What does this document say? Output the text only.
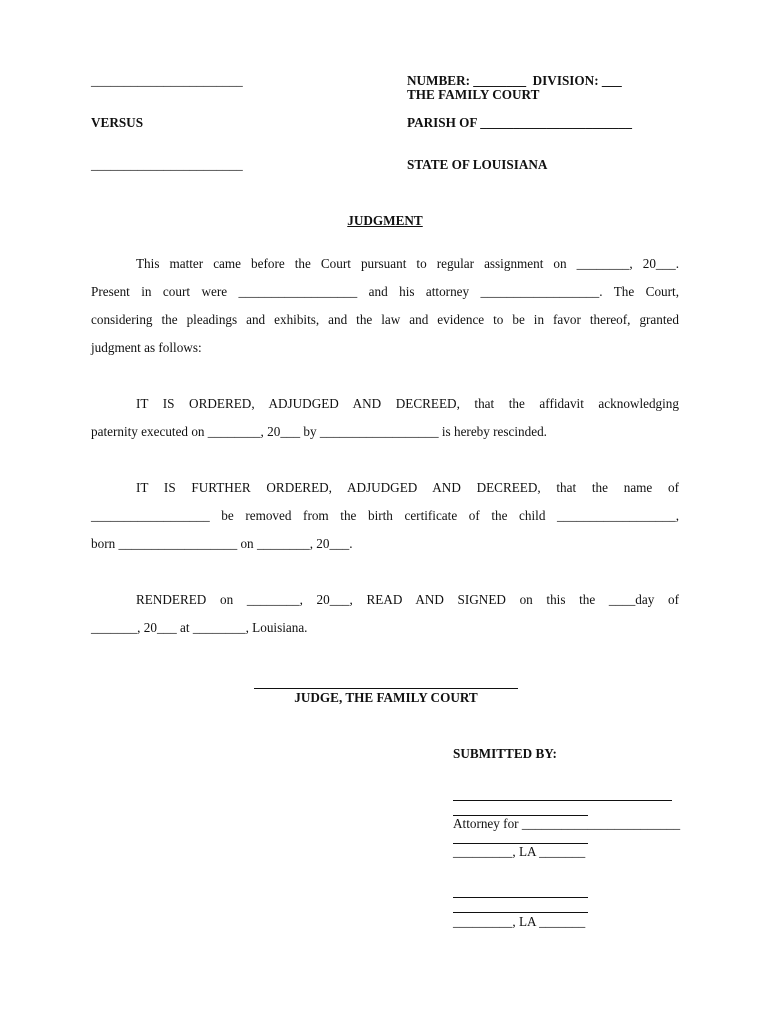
_______________________	NUMBER: ________  DIVISION: ___
THE FAMILY COURT
VERSUS	PARISH OF _______________________
_______________________	STATE OF LOUISIANA
JUDGMENT
This matter came before the Court pursuant to regular assignment on ________, 20___.
Present in court were __________________ and his attorney __________________. The Court,
considering the pleadings and exhibits, and the law and evidence to be in favor thereof, granted
judgment as follows:
IT IS ORDERED, ADJUDGED AND DECREED, that the affidavit acknowledging
paternity executed on ________, 20___ by __________________ is hereby rescinded.
IT IS FURTHER ORDERED, ADJUDGED AND DECREED, that the name of
__________________ be removed from the birth certificate of the child __________________,
born __________________ on ________, 20___.
RENDERED on ________, 20___, READ AND SIGNED on this the ____day of
_______, 20___ at ________, Louisiana.
JUDGE, THE FAMILY COURT
SUBMITTED BY:
Attorney for ________________________
_________, LA _______
_________, LA _______
